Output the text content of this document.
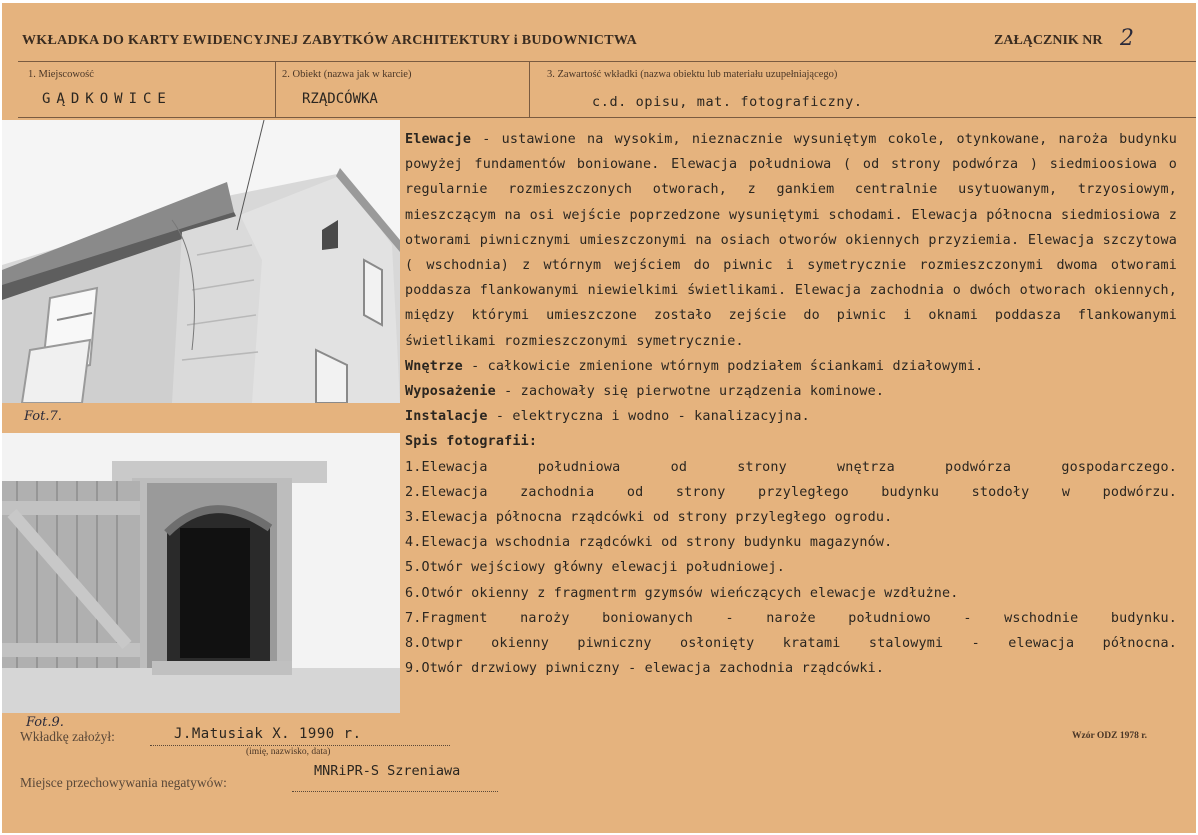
WKŁADKA DO KARTY EWIDENCYJNEJ ZABYTKÓW ARCHITEKTURY i BUDOWNICTWA	ZAŁĄCZNIK NR 2
1. Miejscowość
GĄDKOWICE
2. Obiekt (nazwa jak w karcie)
RZĄDCÓWKA
3. Zawartość wkładki (nazwa obiektu lub materiału uzupełniającego)
c.d. opisu, mat. fotograficzny.
Fot.7.
Fot.9.

Elewacje - ustawione na wysokim, nieznacznie wysuniętym cokole, otynkowane, naroża budynku powyżej fundamentów boniowane. Elewacja południowa ( od strony podwórza ) siedmioosiowa o regularnie rozmieszczonych otworach, z gankiem centralnie usytuowanym, trzyosiowym, mieszczącym na osi wejście poprzedzone wysuniętymi schodami. Elewacja północna siedmiosiowa z otworami piwnicznymi umieszczonymi na osiach otworów okiennych przyziemia. Elewacja szczytowa ( wschodnia) z wtórnym wejściem do piwnic i symetrycznie rozmieszczonymi dwoma otworami poddasza flankowanymi niewielkimi świetlikami. Elewacja zachodnia o dwóch otworach okiennych, między którymi umieszczone zostało zejście do piwnic i oknami poddasza flankowanymi świetlikami rozmieszczonymi symetrycznie.

Wnętrze - całkowicie zmienione wtórnym podziałem ściankami działowymi.

Wyposażenie - zachowały się pierwotne urządzenia kominowe.

Instalacje - elektryczna i wodno - kanalizacyjna.

Spis fotografii:

1.Elewacja południowa od strony wnętrza podwórza gospodarczego.
2.Elewacja zachodnia od strony przyległego budynku stodoły w podwórzu.
3.Elewacja północna rządcówki od strony przyległego ogrodu.
4.Elewacja wschodnia rządcówki od strony budynku magazynów.
5.Otwór wejściowy główny elewacji południowej.
6.Otwór okienny z fragmentrm gzymsów wieńczących elewacje wzdłużne.
7.Fragment naroży boniowanych - naroże południowo - wschodnie budynku.
8.Otwpr okienny piwniczny osłonięty kratami stalowymi - elewacja północna.
9.Otwór drzwiowy piwniczny - elewacja zachodnia rządcówki.
Wkładkę założył:	J.Matusiak X. 1990 r.
(imię, nazwisko, data)
Miejsce przechowywania negatywów:
MNRiPR-S Szreniawa
Wzór ODZ 1978 r.
